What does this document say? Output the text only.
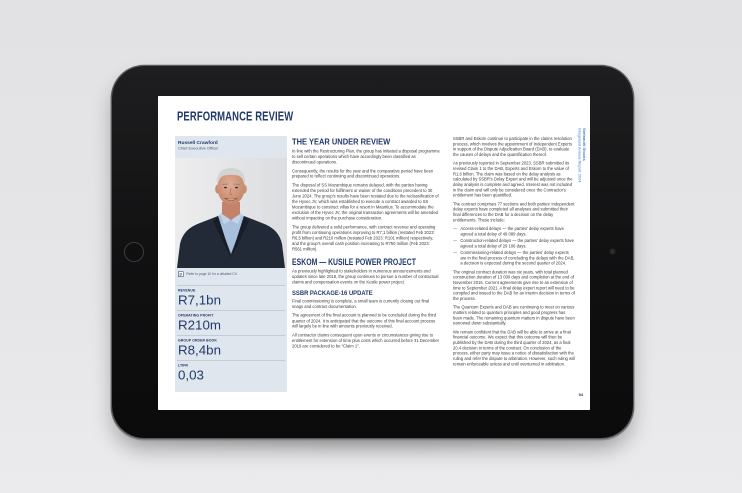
PERFORMANCE REVIEW
Russell Crawford
Chief Executive Officer
Refer to page 10 for a detailed CV.
REVENUE
R7,1bn
OPERATING PROFIT
R210m
GROUP ORDER BOOK
R8,4bn
LTIFR
0,03
THE YEAR UNDER REVIEW

In line with the Restructuring Plan, the group has initiated a disposal programme to sell certain operations which have accordingly been classified as discontinued operations.

Consequently, the results for the year and the comparative period have been prepared to reflect continuing and discontinued operations.

The disposal of SS Mozambique remains delayed, with the parties having extended the period for fulfilment or waiver of the conditions precedent to 30 June 2024. The group's results have been restated due to the reclassification of the Hyvec JV, which was established to execute a contract awarded to SS Mozambique to construct villas for a resort in Mauritius. To accommodate the exclusion of the Hyvec JV, the original transaction agreements will be amended without impacting on the purchase consideration.

The group delivered a solid performance, with contract revenue and operating profit from continuing operations improving to R7,1 billion (restated Feb 2023: R6,5 billion) and R210 million (restated Feb 2023: R101 million) respectively, and the group's overall cash position increasing to R750 million (Feb 2023: R561 million).

ESKOM — KUSILE POWER PROJECT

As previously highlighted to stakeholders in numerous announcements and updates since late 2018, the group continues to pursue a number of contractual claims and compensation events on the Kusile power project.

SSBR PACKAGE-16 UPDATE

Final commissioning is complete, a small team is currently closing out final snags and contract documentation.

The agreement of the final account is planned to be concluded during the third quarter of 2024. It is anticipated that the outcome of this final account process will largely be in line with amounts previously received.

All contractor claims consequent upon events or circumstances giving rise to entitlement for extension of time plus costs which occurred before 31 December 2019 are considered to be "Claim 1".

SSBR and Eskom continue to participate in the claims resolution process, which involves the appointment of Independent Experts in support of the Dispute Adjudication Board (DAB), to evaluate the causes of delays and the quantification thereof.

As previously reported in September 2023, SSBR submitted its revised Claim 1 to the DAB, Experts and Eskom to the value of R1,6 billion. The claim was based on the delay analysis as calculated by SSBR's Delay Expert and will be adjusted once the delay analysis is complete and agreed. Interest was not included in the claim and will only be considered once the Contractor's entitlement has been quantified.

The contract comprises 77 sections and both parties' independent delay experts have completed all analyses and submitted their final differences to the DAB for a decision on the delay entitlements. These include:

— Access-related delays — the parties' delay experts have agreed a total delay of 49 089 days.
— Construction-related delays — the parties' delay experts have agreed a total delay of 29 106 days.
— Commissioning-related delays — the parties' delay experts are in the final process of concluding the delays with the DAB, a decision is expected during the second quarter of 2024.

The original contract duration was six years, with total planned construction duration of 13 000 days and completion at the end of November 2016. Current agreements give rise to an extension of time to September 2021. A final delay expert report will need to be compiled and issued to the DAB for an interim decision in terms of the process.

The Quantum Experts and DAB are continuing to meet on various matters related to quantum principles and good progress has been made. The remaining quantum matters in dispute have been narrowed down substantially.

We remain confident that the DAB will be able to arrive at a final financial outcome. We expect that this outcome will then be published by the DAB during the third quarter of 2024, as a final 20.4 decision in terms of the contract. On conclusion of the process, either party may issue a notice of dissatisfaction with the ruling and refer the dispute to arbitration. However, such ruling will remain enforceable unless and until overturned in arbitration.

Stefanutti Stocks
Integrated Annual Report 2024
54
